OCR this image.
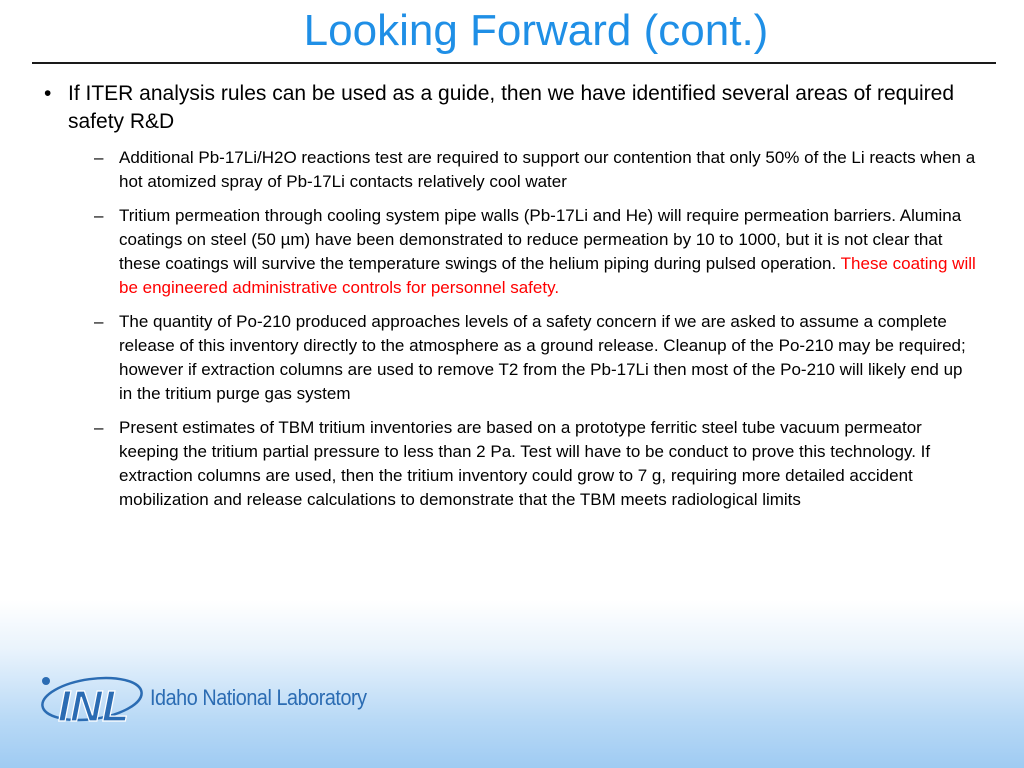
Looking Forward (cont.)
• If ITER analysis rules can be used as a guide, then we have identified several areas of required safety R&D
– Additional Pb-17Li/H2O reactions test are required to support our contention that only 50% of the Li reacts when a hot atomized spray of Pb-17Li contacts relatively cool water
– Tritium permeation through cooling system pipe walls (Pb-17Li and He) will require permeation barriers. Alumina coatings on steel (50 µm) have been demonstrated to reduce permeation by 10 to 1000, but it is not clear that these coatings will survive the temperature swings of the helium piping during pulsed operation. These coating will be engineered administrative controls for personnel safety.
– The quantity of Po-210 produced approaches levels of a safety concern if we are asked to assume a complete release of this inventory directly to the atmosphere as a ground release. Cleanup of the Po-210 may be required; however if extraction columns are used to remove T2 from the Pb-17Li then most of the Po-210 will likely end up in the tritium purge gas system
– Present estimates of TBM tritium inventories are based on a prototype ferritic steel tube vacuum permeator keeping the tritium partial pressure to less than 2 Pa. Test will have to be conduct to prove this technology. If extraction columns are used, then the tritium inventory could grow to 7 g, requiring more detailed accident mobilization and release calculations to demonstrate that the TBM meets radiological limits
INL Idaho National Laboratory
